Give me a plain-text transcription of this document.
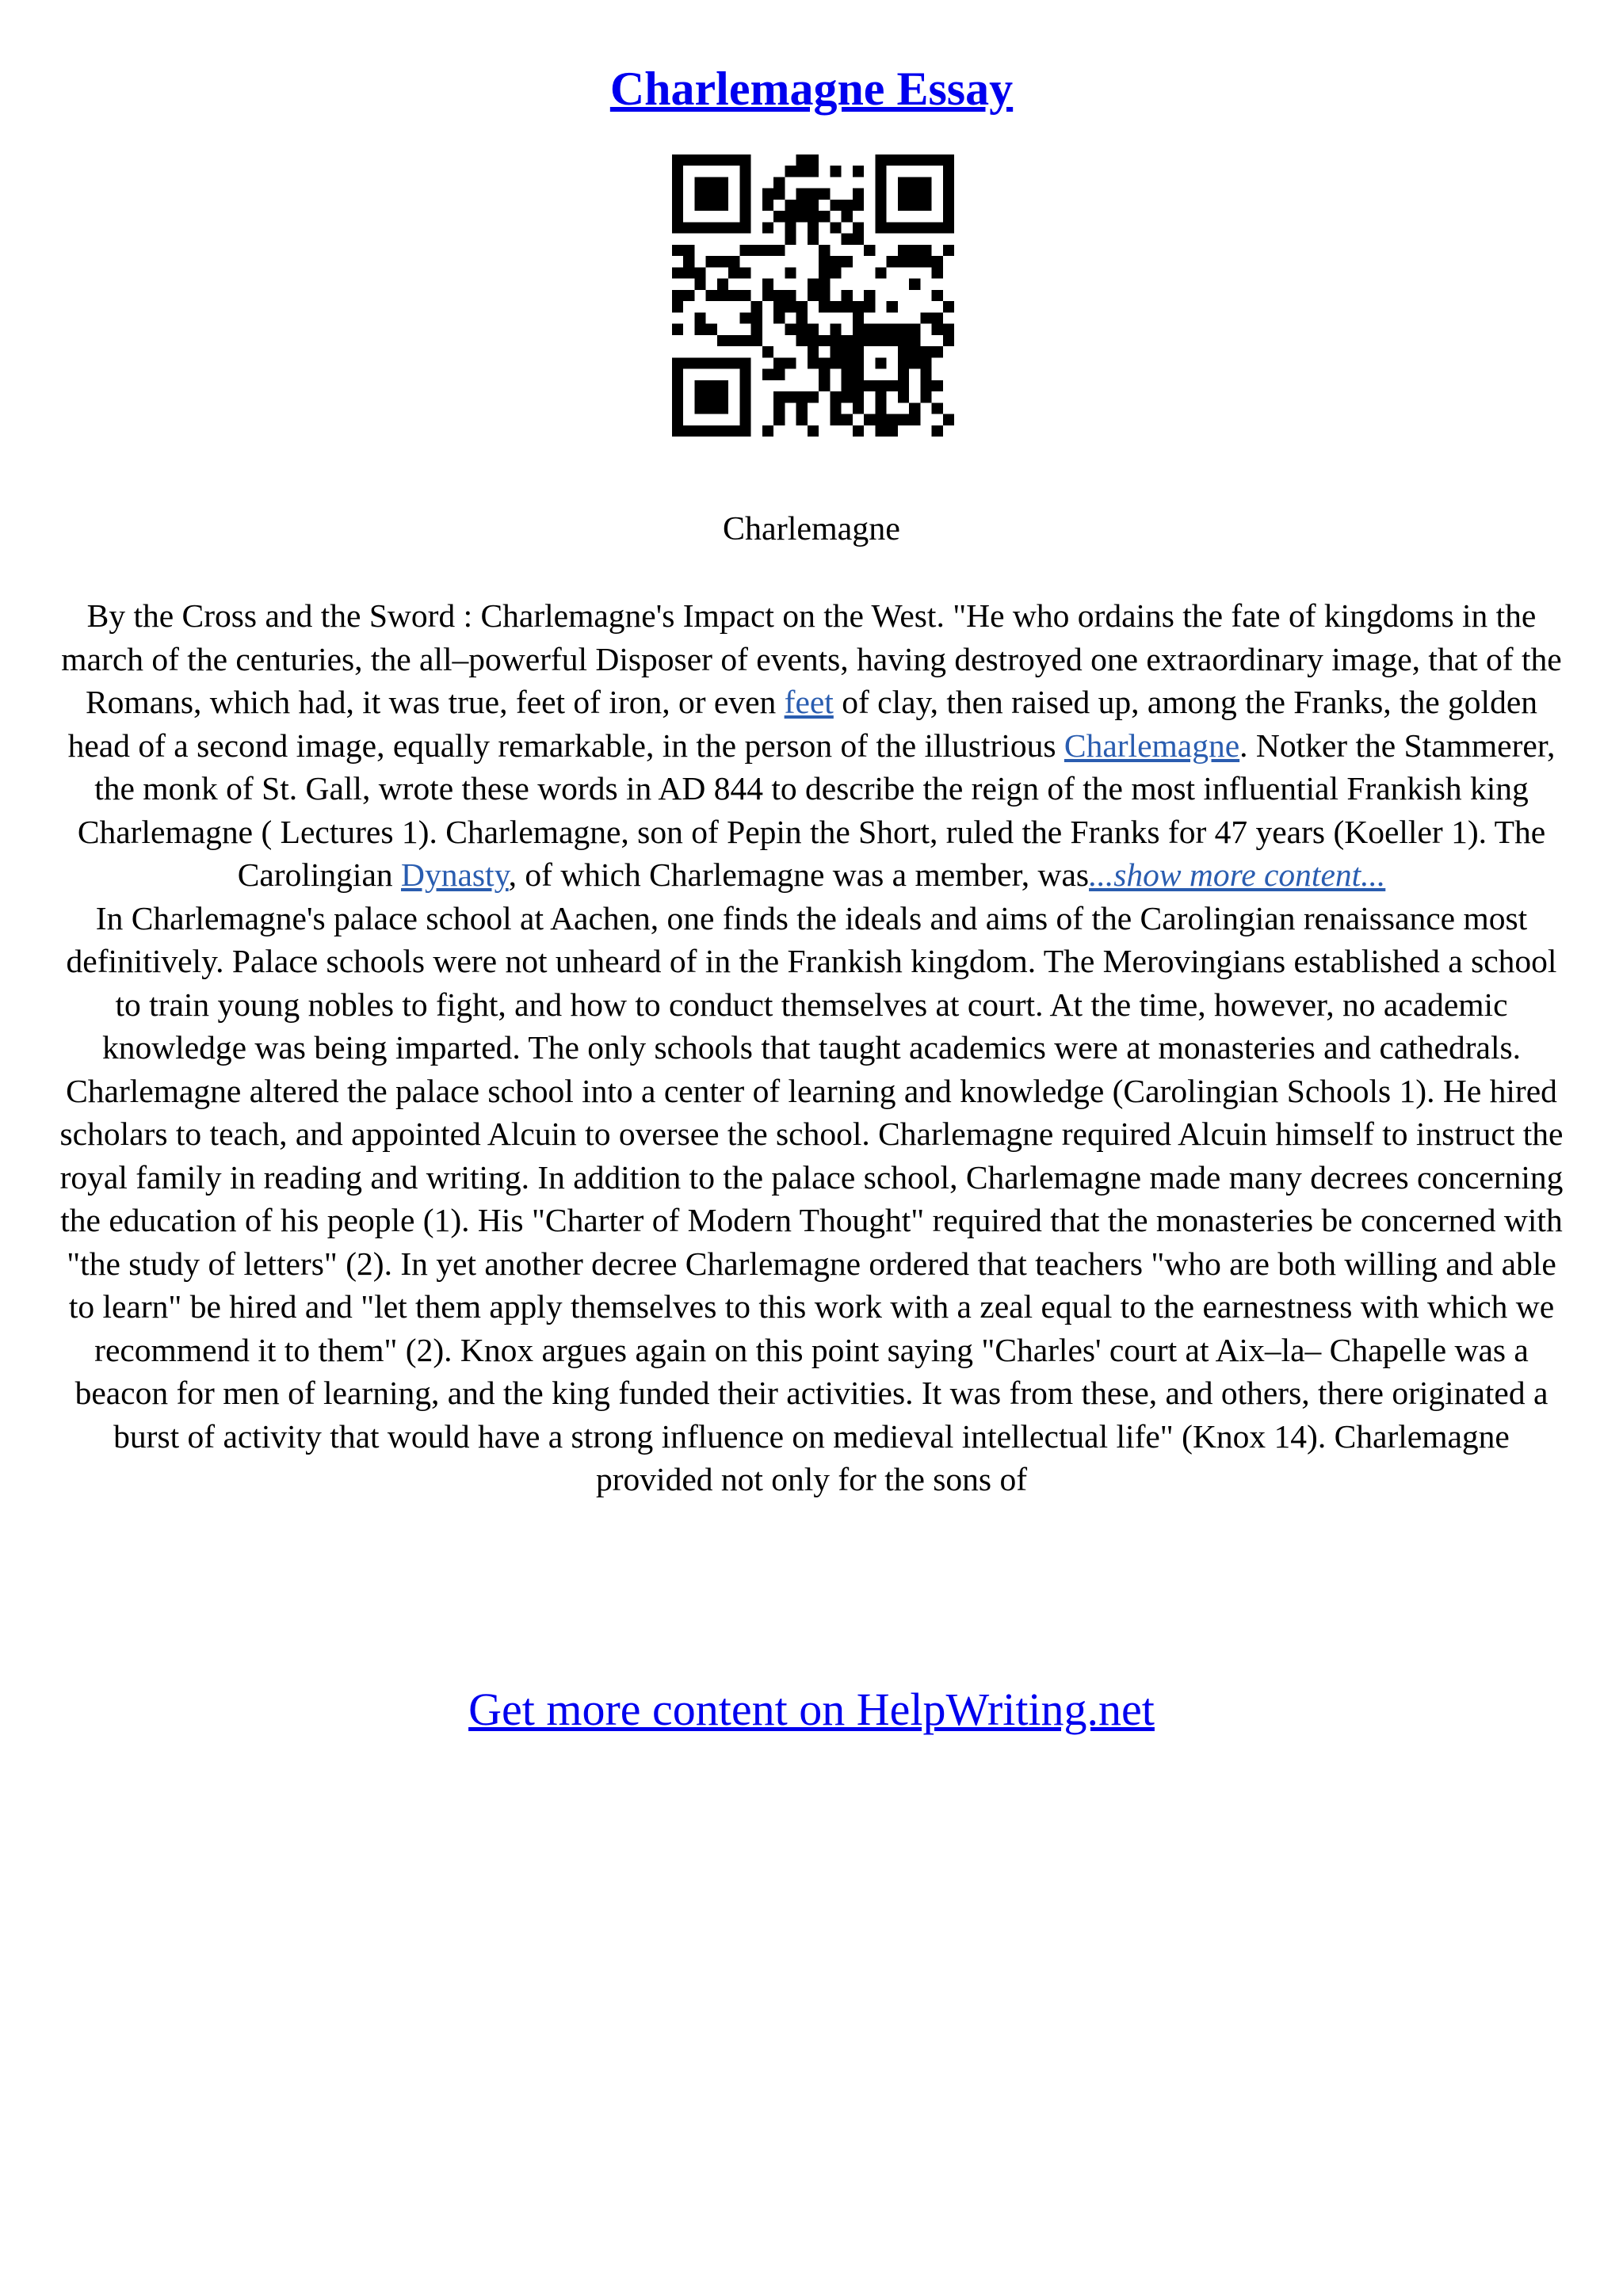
Charlemagne Essay
Charlemagne

By the Cross and the Sword : Charlemagne's Impact on the West. "He who ordains the fate of kingdoms in the march of the centuries, the all–powerful Disposer of events, having destroyed one extraordinary image, that of the Romans, which had, it was true, feet of iron, or even feet of clay, then raised up, among the Franks, the golden head of a second image, equally remarkable, in the person of the illustrious Charlemagne. Notker the Stammerer, the monk of St. Gall, wrote these words in AD 844 to describe the reign of the most influential Frankish king Charlemagne ( Lectures 1). Charlemagne, son of Pepin the Short, ruled the Franks for 47 years (Koeller 1). The Carolingian Dynasty, of which Charlemagne was a member, was...show more content...

In Charlemagne's palace school at Aachen, one finds the ideals and aims of the Carolingian renaissance most definitively. Palace schools were not unheard of in the Frankish kingdom. The Merovingians established a school to train young nobles to fight, and how to conduct themselves at court. At the time, however, no academic knowledge was being imparted. The only schools that taught academics were at monasteries and cathedrals. Charlemagne altered the palace school into a center of learning and knowledge (Carolingian Schools 1). He hired scholars to teach, and appointed Alcuin to oversee the school. Charlemagne required Alcuin himself to instruct the royal family in reading and writing. In addition to the palace school, Charlemagne made many decrees concerning the education of his people (1). His "Charter of Modern Thought" required that the monasteries be concerned with "the study of letters" (2). In yet another decree Charlemagne ordered that teachers "who are both willing and able to learn" be hired and "let them apply themselves to this work with a zeal equal to the earnestness with which we recommend it to them" (2). Knox argues again on this point saying "Charles' court at Aix–la– Chapelle was a beacon for men of learning, and the king funded their activities. It was from these, and others, there originated a burst of activity that would have a strong influence on medieval intellectual life" (Knox 14). Charlemagne provided not only for the sons of

Get more content on HelpWriting.net
